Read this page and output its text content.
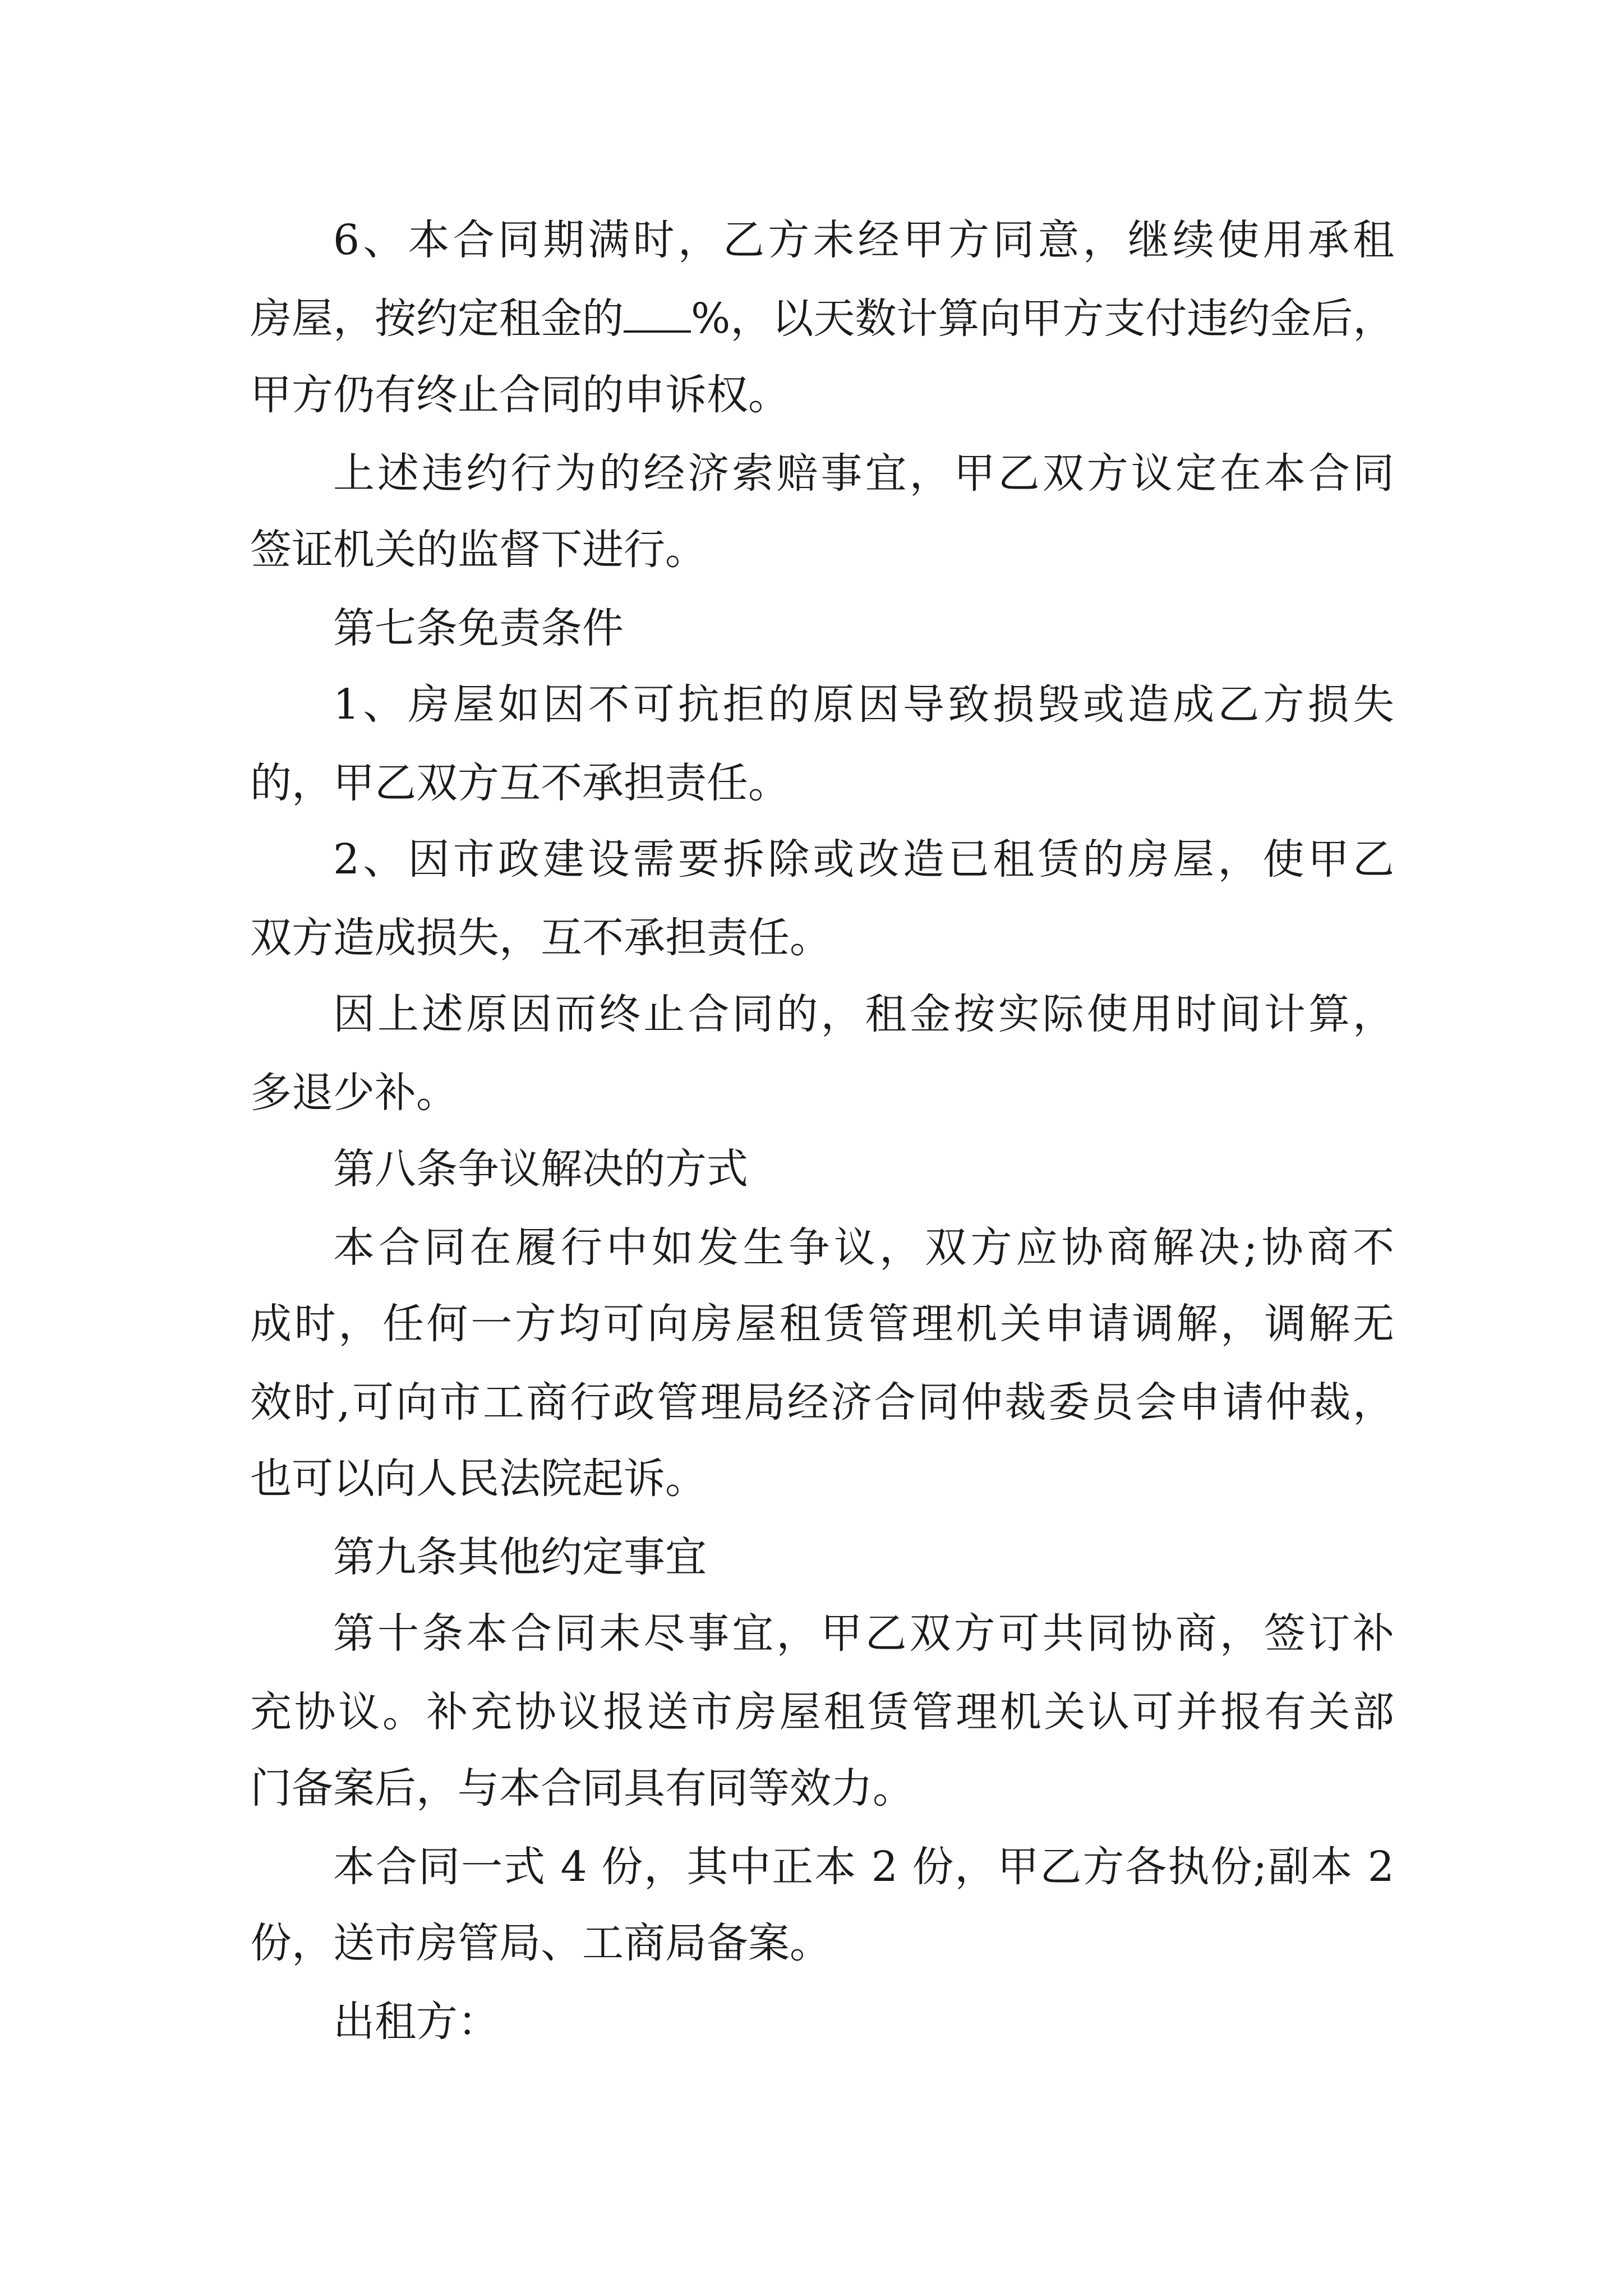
6、本合同期满时，乙方未经甲方同意，继续使用承租
房屋，按约定租金的 %，以天数计算向甲方支付违约金后，
甲方仍有终止合同的申诉权。
上述违约行为的经济索赔事宜，甲乙双方议定在本合同
签证机关的监督下进行。
第七条免责条件
1、房屋如因不可抗拒的原因导致损毁或造成乙方损失
的，甲乙双方互不承担责任。
2、因市政建设需要拆除或改造已租赁的房屋，使甲乙
双方造成损失，互不承担责任。
因上述原因而终止合同的，租金按实际使用时间计算，
多退少补。
第八条争议解决的方式
本合同在履行中如发生争议，双方应协商解决;协商不
成时，任何一方均可向房屋租赁管理机关申请调解，调解无
效时,可向市工商行政管理局经济合同仲裁委员会申请仲裁，
也可以向人民法院起诉。
第九条其他约定事宜
第十条本合同未尽事宜，甲乙双方可共同协商，签订补
充协议。补充协议报送市房屋租赁管理机关认可并报有关部
门备案后，与本合同具有同等效力。
本合同一式 4 份，其中正本 2 份，甲乙方各执份;副本 2
份，送市房管局、工商局备案。
出租方：
